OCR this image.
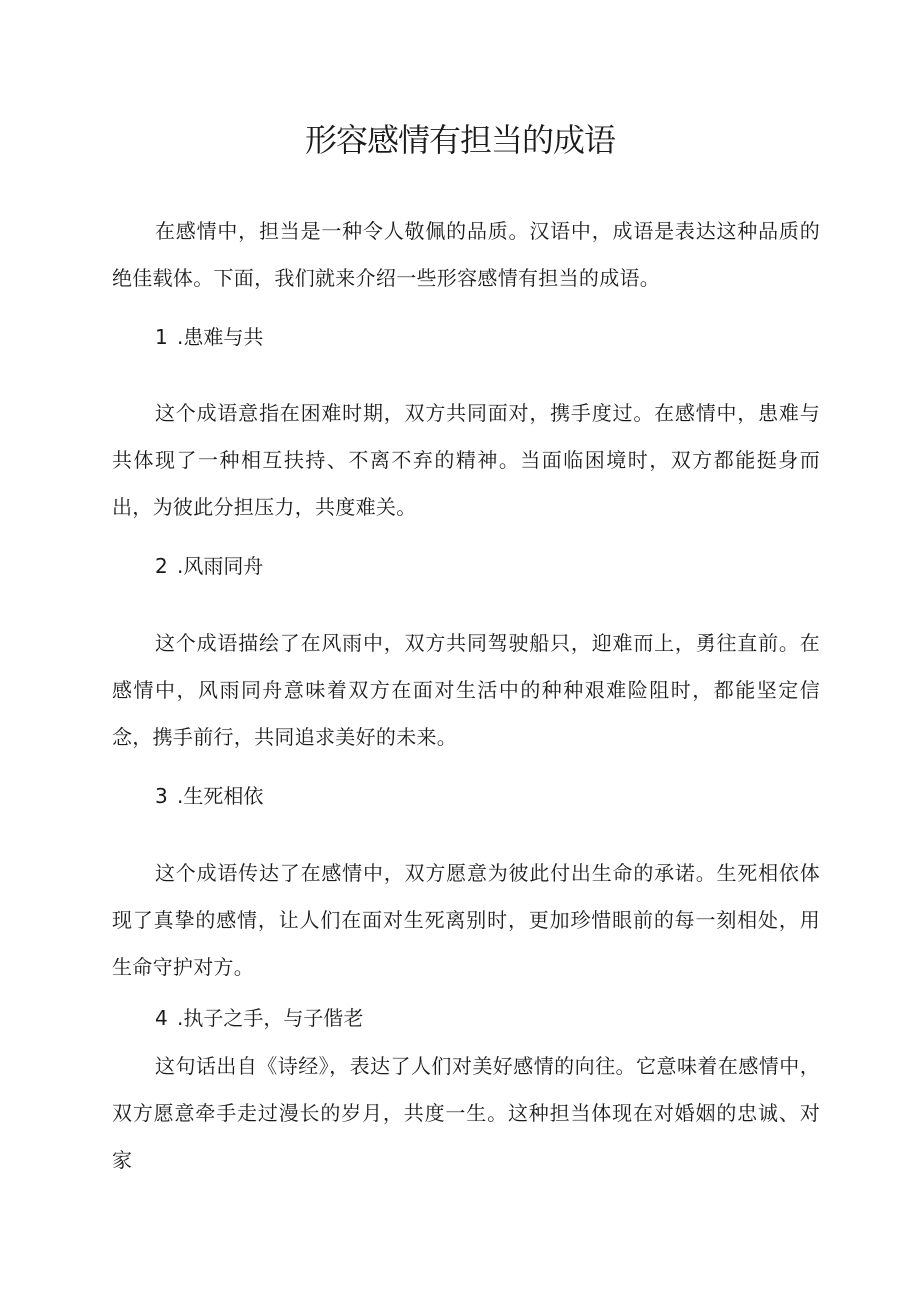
形容感情有担当的成语

在感情中，担当是一种令人敬佩的品质。汉语中，成语是表达这种品质的绝佳载体。下面，我们就来介绍一些形容感情有担当的成语。

1 .患难与共

这个成语意指在困难时期，双方共同面对，携手度过。在感情中，患难与共体现了一种相互扶持、不离不弃的精神。当面临困境时，双方都能挺身而出，为彼此分担压力，共度难关。

2 .风雨同舟

这个成语描绘了在风雨中，双方共同驾驶船只，迎难而上，勇往直前。在感情中，风雨同舟意味着双方在面对生活中的种种艰难险阻时，都能坚定信念，携手前行，共同追求美好的未来。

3 .生死相依

这个成语传达了在感情中，双方愿意为彼此付出生命的承诺。生死相依体现了真挚的感情，让人们在面对生死离别时，更加珍惜眼前的每一刻相处，用生命守护对方。

4 .执子之手，与子偕老

这句话出自《诗经》，表达了人们对美好感情的向往。它意味着在感情中，双方愿意牵手走过漫长的岁月，共度一生。这种担当体现在对婚姻的忠诚、对家
